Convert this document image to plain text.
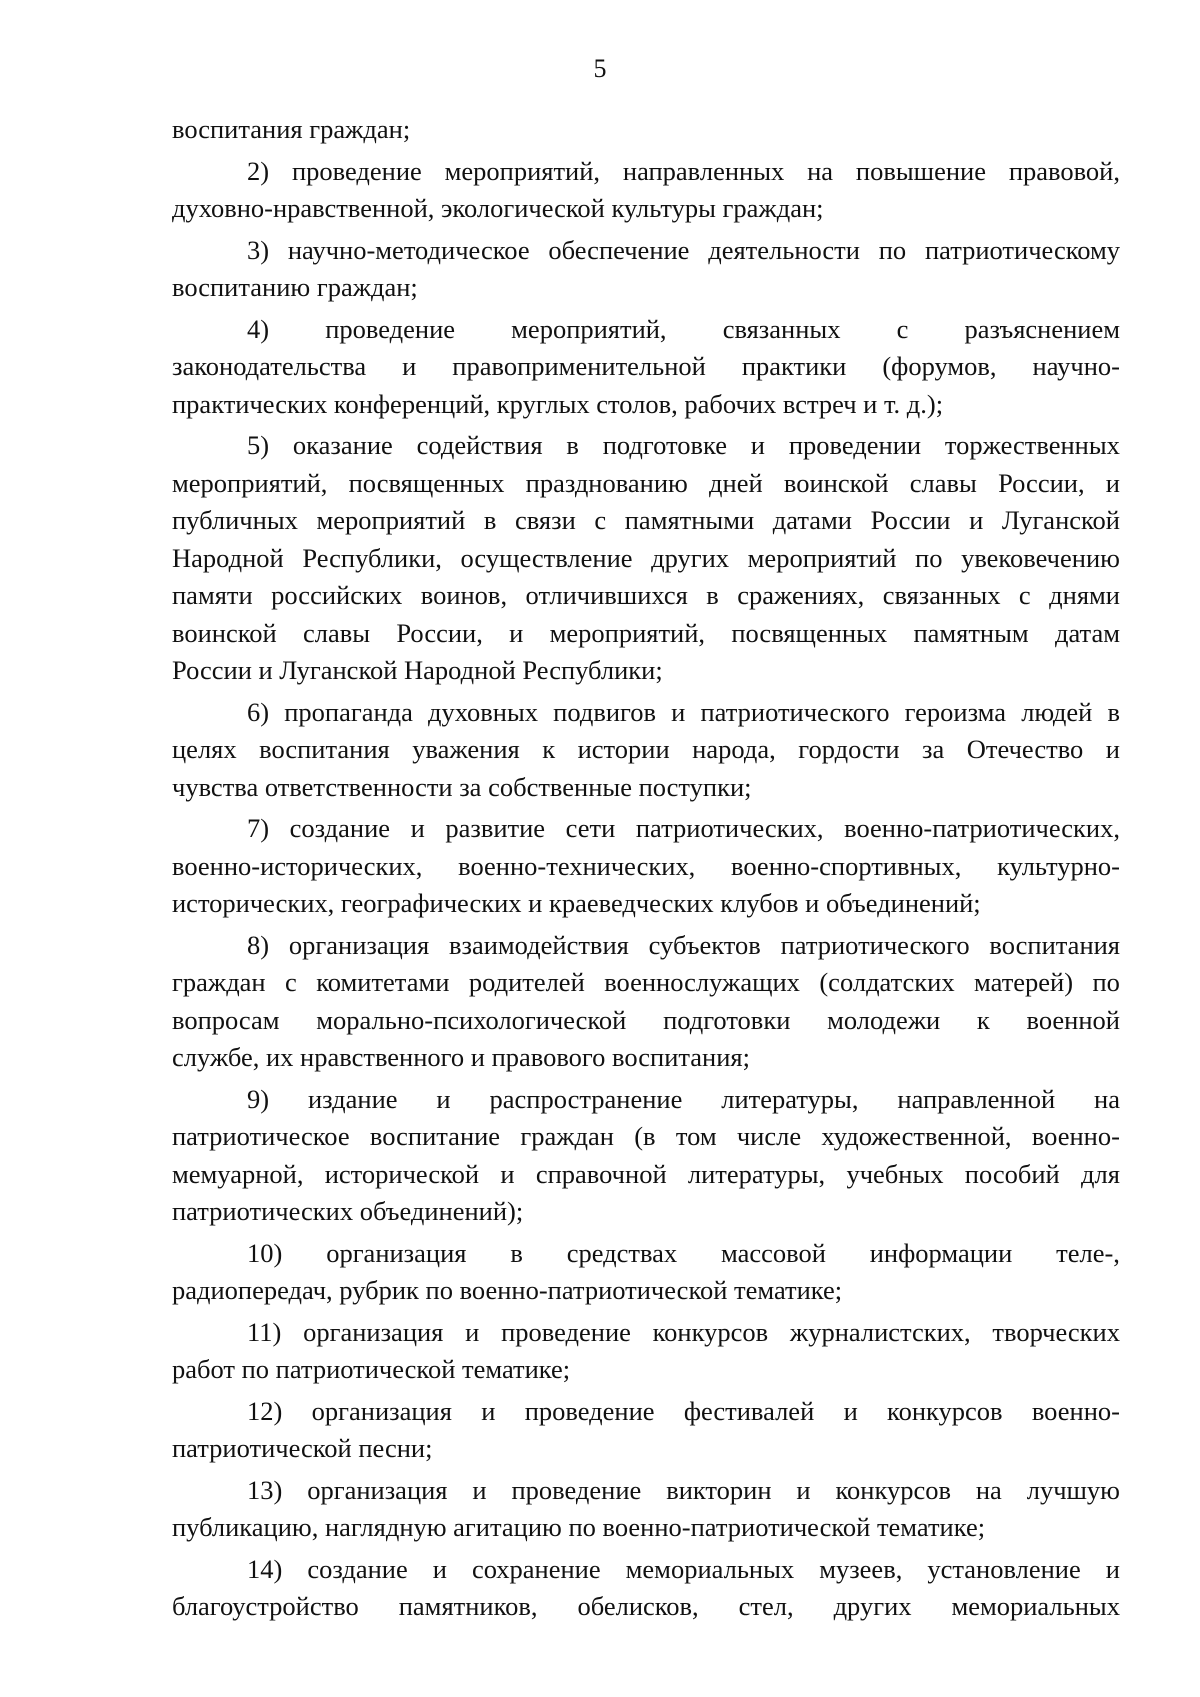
5
воспитания граждан;
2) проведение мероприятий, направленных на повышение правовой,
духовно-нравственной, экологической культуры граждан;
3) научно-методическое обеспечение деятельности по патриотическому
воспитанию граждан;
4) проведение мероприятий, связанных с разъяснением
законодательства и правоприменительной практики (форумов, научно-
практических конференций, круглых столов, рабочих встреч и т. д.);
5) оказание содействия в подготовке и проведении торжественных
мероприятий, посвященных празднованию дней воинской славы России, и
публичных мероприятий в связи с памятными датами России и Луганской
Народной Республики, осуществление других мероприятий по увековечению
памяти российских воинов, отличившихся в сражениях, связанных с днями
воинской славы России, и мероприятий, посвященных памятным датам
России и Луганской Народной Республики;
6) пропаганда духовных подвигов и патриотического героизма людей в
целях воспитания уважения к истории народа, гордости за Отечество и
чувства ответственности за собственные поступки;
7) создание и развитие сети патриотических, военно-патриотических,
военно-исторических, военно-технических, военно-спортивных, культурно-
исторических, географических и краеведческих клубов и объединений;
8) организация взаимодействия субъектов патриотического воспитания
граждан с комитетами родителей военнослужащих (солдатских матерей) по
вопросам морально-психологической подготовки молодежи к военной
службе, их нравственного и правового воспитания;
9) издание и распространение литературы, направленной на
патриотическое воспитание граждан (в том числе художественной, военно-
мемуарной, исторической и справочной литературы, учебных пособий для
патриотических объединений);
10) организация в средствах массовой информации теле-,
радиопередач, рубрик по военно-патриотической тематике;
11) организация и проведение конкурсов журналистских, творческих
работ по патриотической тематике;
12) организация и проведение фестивалей и конкурсов военно-
патриотической песни;
13) организация и проведение викторин и конкурсов на лучшую
публикацию, наглядную агитацию по военно-патриотической тематике;
14) создание и сохранение мемориальных музеев, установление и
благоустройство памятников, обелисков, стел, других мемориальных
